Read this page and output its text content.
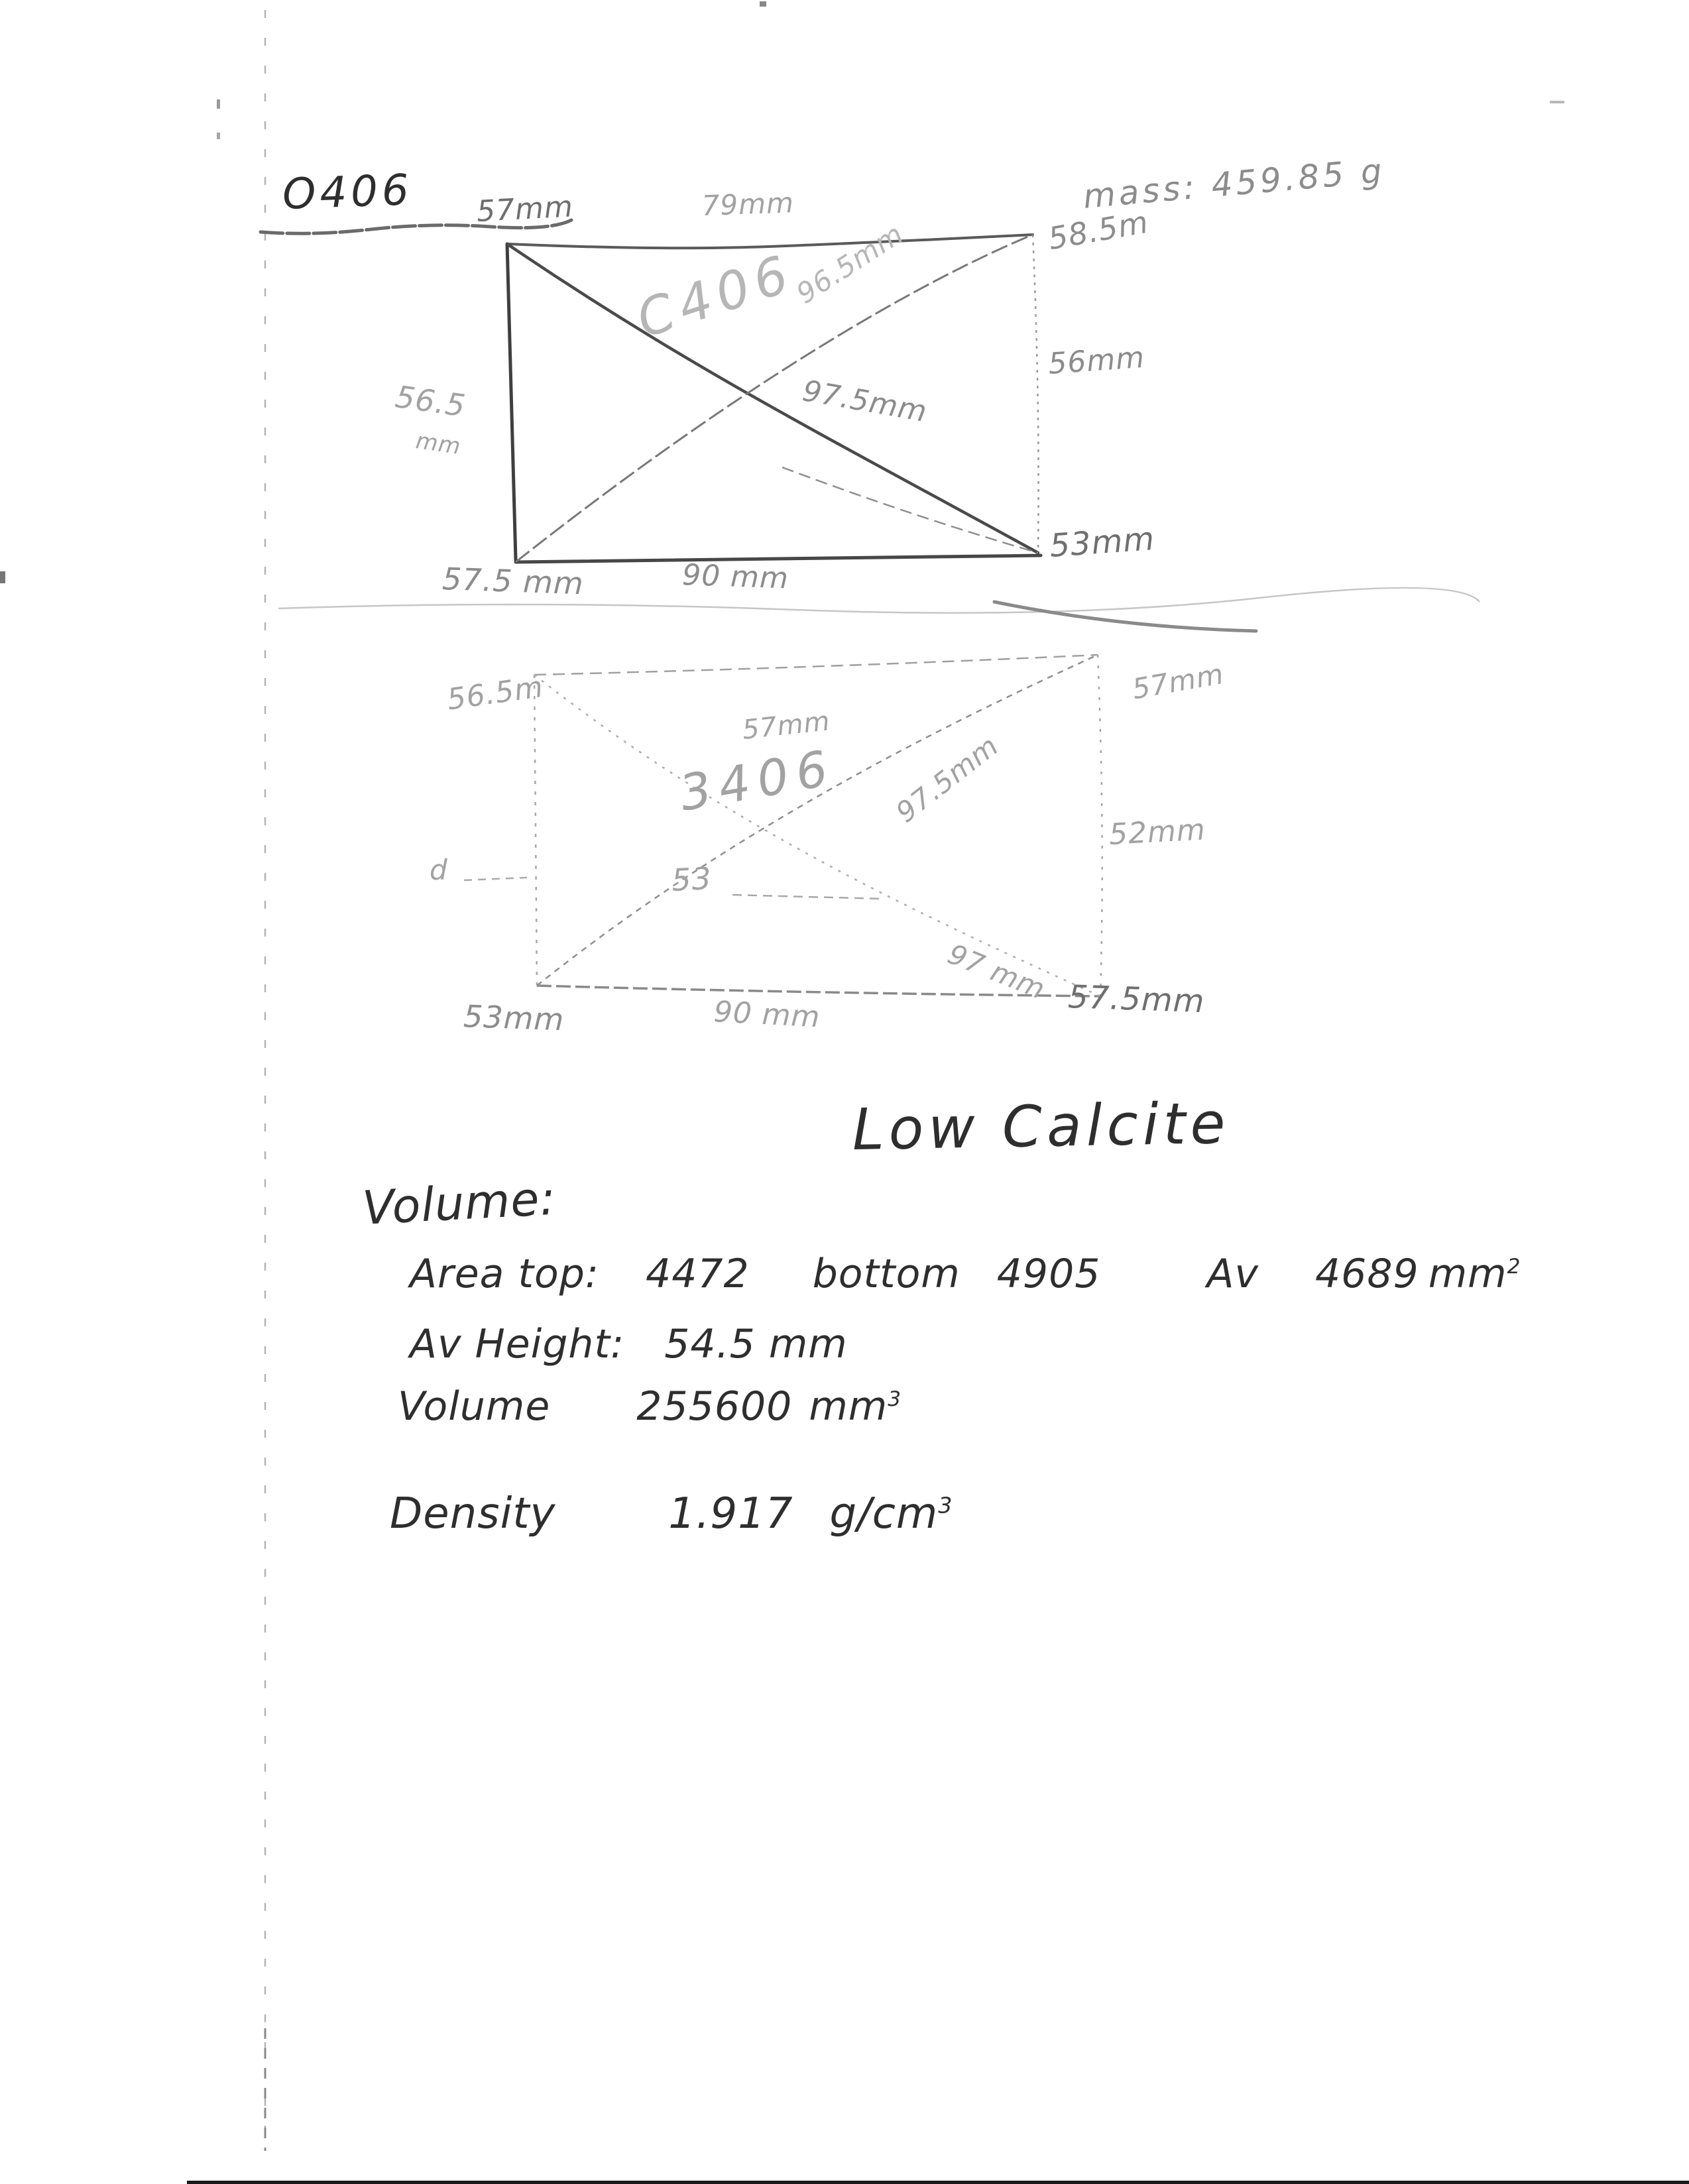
O406	mass: 459.85 g
57mm	79mm	58.5m
56mm
56.5
mm
96.5mm
97.5mm
C406
57.5 mm	90 mm
53mm
56.5m
57mm
57mm
97.5mm
52mm
3406
53
d
97 mm
53mm	90 mm	57.5mm
Low Calcite
Volume:
Area top: 4472 bottom 4905	Av 4689 $mm^2$
Av Height: 54.5 mm
Volume 255600 $mm^3$
Density	1.917 $g/cm^3$
